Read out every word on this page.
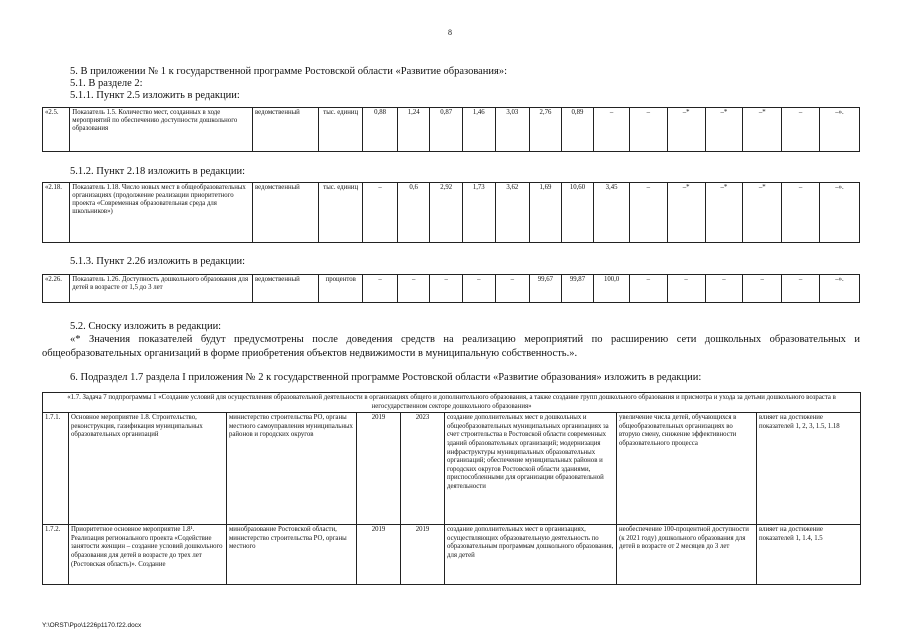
8
5. В приложении № 1 к государственной программе Ростовской области «Развитие образования»:
5.1. В разделе 2:
5.1.1. Пункт 2.5 изложить в редакции:
«2.5.	Показатель 1.5. Количество мест, созданных в ходе мероприятий по обеспечению доступности дошкольного образования	ведомственный	тыс. единиц	0,88	1,24	0,87	1,46	3,03	2,76	0,89	–	–	–*	–*	–*	–	–».
5.1.2. Пункт 2.18 изложить в редакции:
«2.18.	Показатель 1.18. Число новых мест в общеобразовательных организациях (продолжение реализации приоритетного проекта «Современная образовательная среда для школьников»)	ведомственный	тыс. единиц	–	0,6	2,92	1,73	3,62	1,69	10,60	3,45	–	–*	–*	–*	–	–».
5.1.3. Пункт 2.26 изложить в редакции:
«2.26.	Показатель 1.26. Доступность дошкольного образования для детей в возрасте от 1,5 до 3 лет	ведомственный	процентов	–	–	–	–	–	99,67	99,87	100,0	–	–	–	–	–	–».
5.2. Сноску изложить в редакции:
«* Значения показателей будут предусмотрены после доведения средств на реализацию мероприятий по расширению сети дошкольных образовательных и общеобразовательных организаций в форме приобретения объектов недвижимости в муниципальную собственность.».
6. Подраздел 1.7 раздела I приложения № 2 к государственной программе Ростовской области «Развитие образования» изложить в редакции:
«1.7. Задача 7 подпрограммы 1 «Создание условий для осуществления образовательной деятельности в организациях общего и дополнительного образования, а также создание групп дошкольного образования и присмотра и ухода за детьми дошкольного возраста в негосударственном секторе дошкольного образования»							
1.7.1.	Основное мероприятие 1.8. Строительство, реконструкция, газификация муниципальных образовательных организаций	министерство строительства РО, органы местного самоуправления муниципальных районов и городских округов	2019	2023	создание дополнительных мест в дошкольных и общеобразовательных муниципальных организациях за счет строительства в Ростовской области современных зданий образовательных организаций; модернизация инфраструктуры муниципальных образовательных организаций; обеспечение муниципальных районов и городских округов Ростовской области зданиями, приспособленными для организации образовательной деятельности	увеличение числа детей, обучающихся в общеобразовательных организациях во вторую смену, снижение эффективности образовательного процесса	влияет на достижение показателей 1, 2, 3, 1.5, 1.18
1.7.2.	Приоритетное основное мероприятие 1.8¹. Реализация регионального проекта «Содействие занятости женщин – создание условий дошкольного образования для детей в возрасте до трех лет (Ростовская область)». Создание	минобразование Ростовской области, министерство строительства РО, органы местного	2019	2019	создание дополнительных мест в организациях, осуществляющих образовательную деятельность по образовательным программам дошкольного образования, для детей	необеспечение 100-процентной доступности (к 2021 году) дошкольного образования для детей в возрасте от 2 месяцев до 3 лет	влияет на достижение показателей 1, 1.4, 1.5
Y:\ORST\Ppo\1226p1170.f22.docx
